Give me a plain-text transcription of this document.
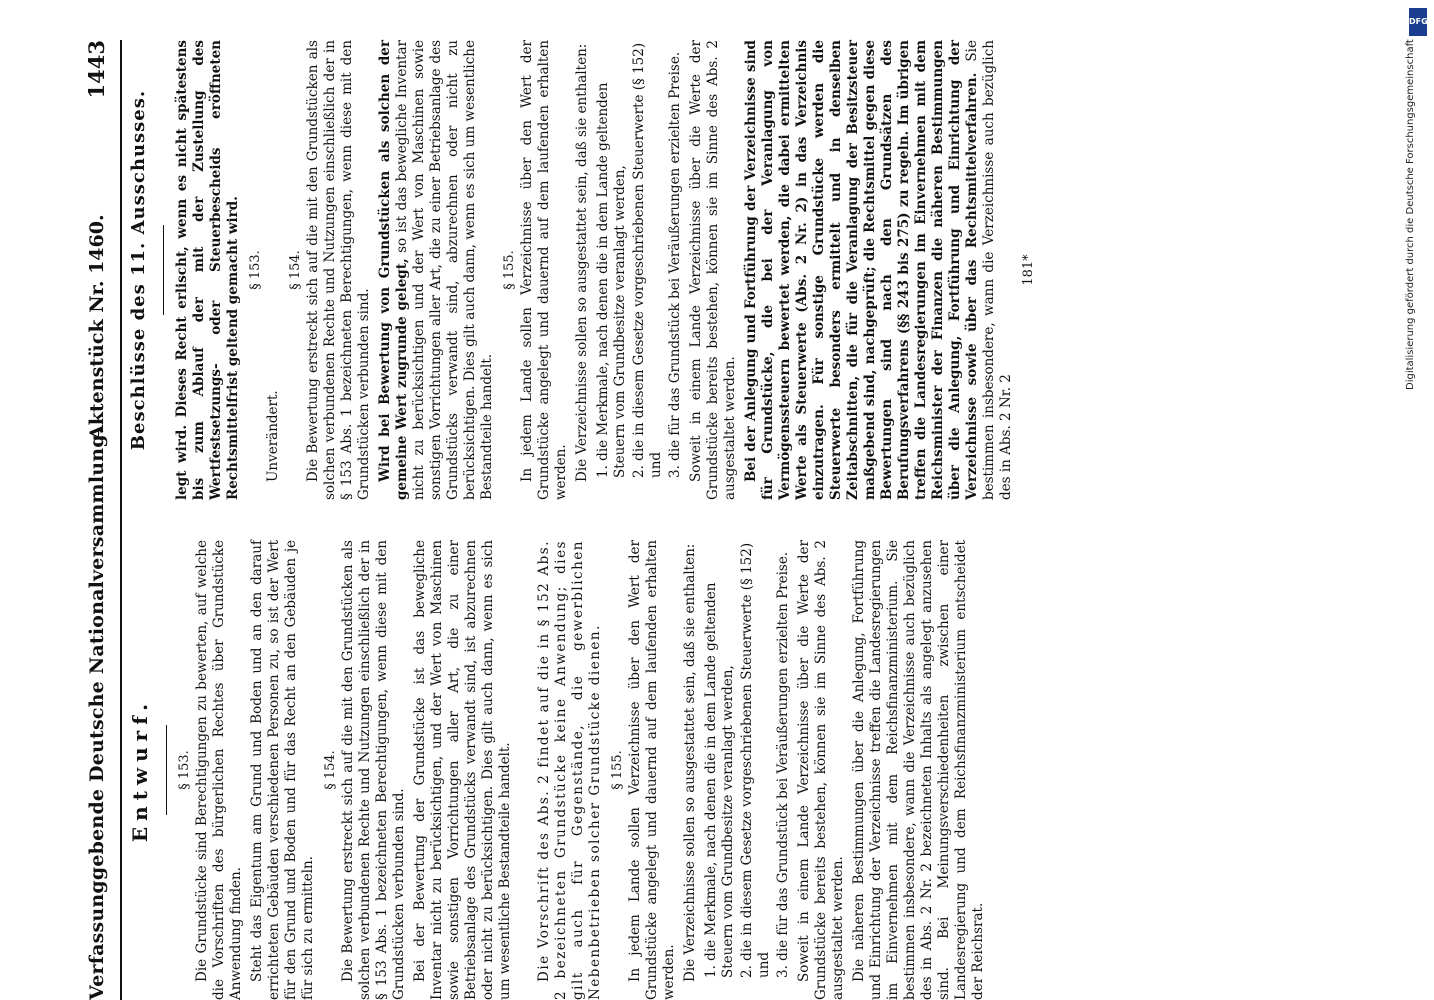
Verfassunggebende Deutsche Nationalversammlung.
Aktenstück Nr. 1460.
1443
Entwurf. § 153. Die Grundstücke sind Berechtigungen zu bewerten, auf welche die Vorschriften des bürgerlichen Rechtes über Grundstücke Anwendung finden. Steht das Eigentum am Grund und Boden und an den darauf errichteten Gebäuden verschiedenen Personen zu, so ist der Wert für den Grund und Boden und für das Recht an den Gebäuden je für sich zu ermitteln.

§ 154. Die Bewertung erstreckt sich auf die mit den Grundstücken als solchen verbundenen Rechte und Nutzungen einschließlich der in § 153 Abs. 1 bezeichneten Berechtigungen, wenn diese mit den Grundstücken verbunden sind. Bei der Bewertung der Grundstücke ist das bewegliche Inventar nicht zu berücksichtigen, und der Wert von Maschinen sowie sonstigen Vorrichtungen aller Art, die zu einer Betriebsanlage des Grundstücks verwandt sind, ist abzurechnen oder nicht zu berücksichtigen. Dies gilt auch dann, wenn es sich um wesentliche Bestandteile handelt. Die Vorschrift des Abs. 2 findet auf die in § 152 Abs. 2 bezeichneten Grundstücke keine Anwendung; dies gilt auch für Gegenstände, die gewerblichen Nebenbetrieben solcher Grundstücke dienen. § 155. In jedem Lande sollen Verzeichnisse über den Wert der Grundstücke angelegt und dauernd auf dem laufenden erhalten werden. Die Verzeichnisse sollen so ausgestattet sein, daß sie enthalten: 1. die Merkmale, nach denen die in dem Lande geltenden Steuern vom Grundbesitze veranlagt werden, 2. die in diesem Gesetze vorgeschriebenen Steuerwerte (§ 152) und 3. die für das Grundstück bei Veräußerungen erzielten Preise. Soweit in einem Lande Verzeichnisse über die Werte der Grundstücke bereits bestehen, können sie im Sinne des Abs. 2 ausgestaltet werden. Die näheren Bestimmungen über die Anlegung, Fortführung und Einrichtung der Verzeichnisse treffen die Landesregierungen im Einvernehmen mit dem Reichsfinanzministerium. Sie bestimmen insbesondere, wann die Verzeichnisse auch bezüglich des in Abs. 2 Nr. 2 bezeichneten Inhalts als angelegt anzusehen sind. Bei Meinungsverschiedenheiten zwischen einer Landesregierung und dem Reichsfinanzministerium entscheidet der Reichsrat.

Beschlüsse des 11. Ausschusses. legt wird. Dieses Recht erlischt, wenn es nicht spätestens bis zum Ablauf der mit der Zustellung des Wertfestsetzungs- oder Steuerbescheids eröffneten Rechtsmittelfrist geltend gemacht wird. § 153.

Unverändert.

§ 154. Die Bewertung erstreckt sich auf die mit den Grundstücken als solchen verbundenen Rechte und Nutzungen einschließlich der in § 153 Abs. 1 bezeichneten Berechtigungen, wenn diese mit den Grundstücken verbunden sind. Wird bei Bewertung von Grundstücken als solchen der gemeine Wert zugrunde gelegt, so ist das bewegliche Inventar nicht zu berücksichtigen und der Wert von Maschinen sowie sonstigen Vorrichtungen aller Art, die zu einer Betriebsanlage des Grundstücks verwandt sind, abzurechnen oder nicht zu berücksichtigen. Dies gilt auch dann, wenn es sich um wesentliche Bestandteile handelt.

§ 155. In jedem Lande sollen Verzeichnisse über den Wert der Grundstücke angelegt und dauernd auf dem laufenden erhalten werden. Die Verzeichnisse sollen so ausgestattet sein, daß sie enthalten: 1. die Merkmale, nach denen die in dem Lande geltenden Steuern vom Grundbesitze veranlagt werden, 2. die in diesem Gesetze vorgeschriebenen Steuerwerte (§ 152) und 3. die für das Grundstück bei Veräußerungen erzielten Preise. Soweit in einem Lande Verzeichnisse über die Werte der Grundstücke bereits bestehen, können sie im Sinne des Abs. 2 ausgestaltet werden. Bei der Anlegung und Fortführung der Verzeichnisse sind für Grundstücke, die bei der Veranlagung von Vermögenssteuern bewertet werden, die dabei ermittelten Werte als Steuerwerte (Abs. 2 Nr. 2) in das Verzeichnis einzutragen. Für sonstige Grundstücke werden die Steuerwerte besonders ermittelt und in denselben Zeitabschnitten, die für die Veranlagung der Besitzsteuer maßgebend sind, nachgeprüft; die Rechtsmittel gegen diese Bewertungen sind nach den Grundsätzen des Berufungsverfahrens (§§ 243 bis 275) zu regeln. Im übrigen treffen die Landesregierungen im Einvernehmen mit dem Reichsminister der Finanzen die näheren Bestimmungen über die Anlegung, Fortführung und Einrichtung der Verzeichnisse sowie über das Rechtsmittelverfahren. Sie bestimmen insbesondere, wann die Verzeichnisse auch bezüglich des in Abs. 2 Nr. 2

181*
DFG
Digitalisierung gefördert durch die Deutsche Forschungsgemeinschaft
